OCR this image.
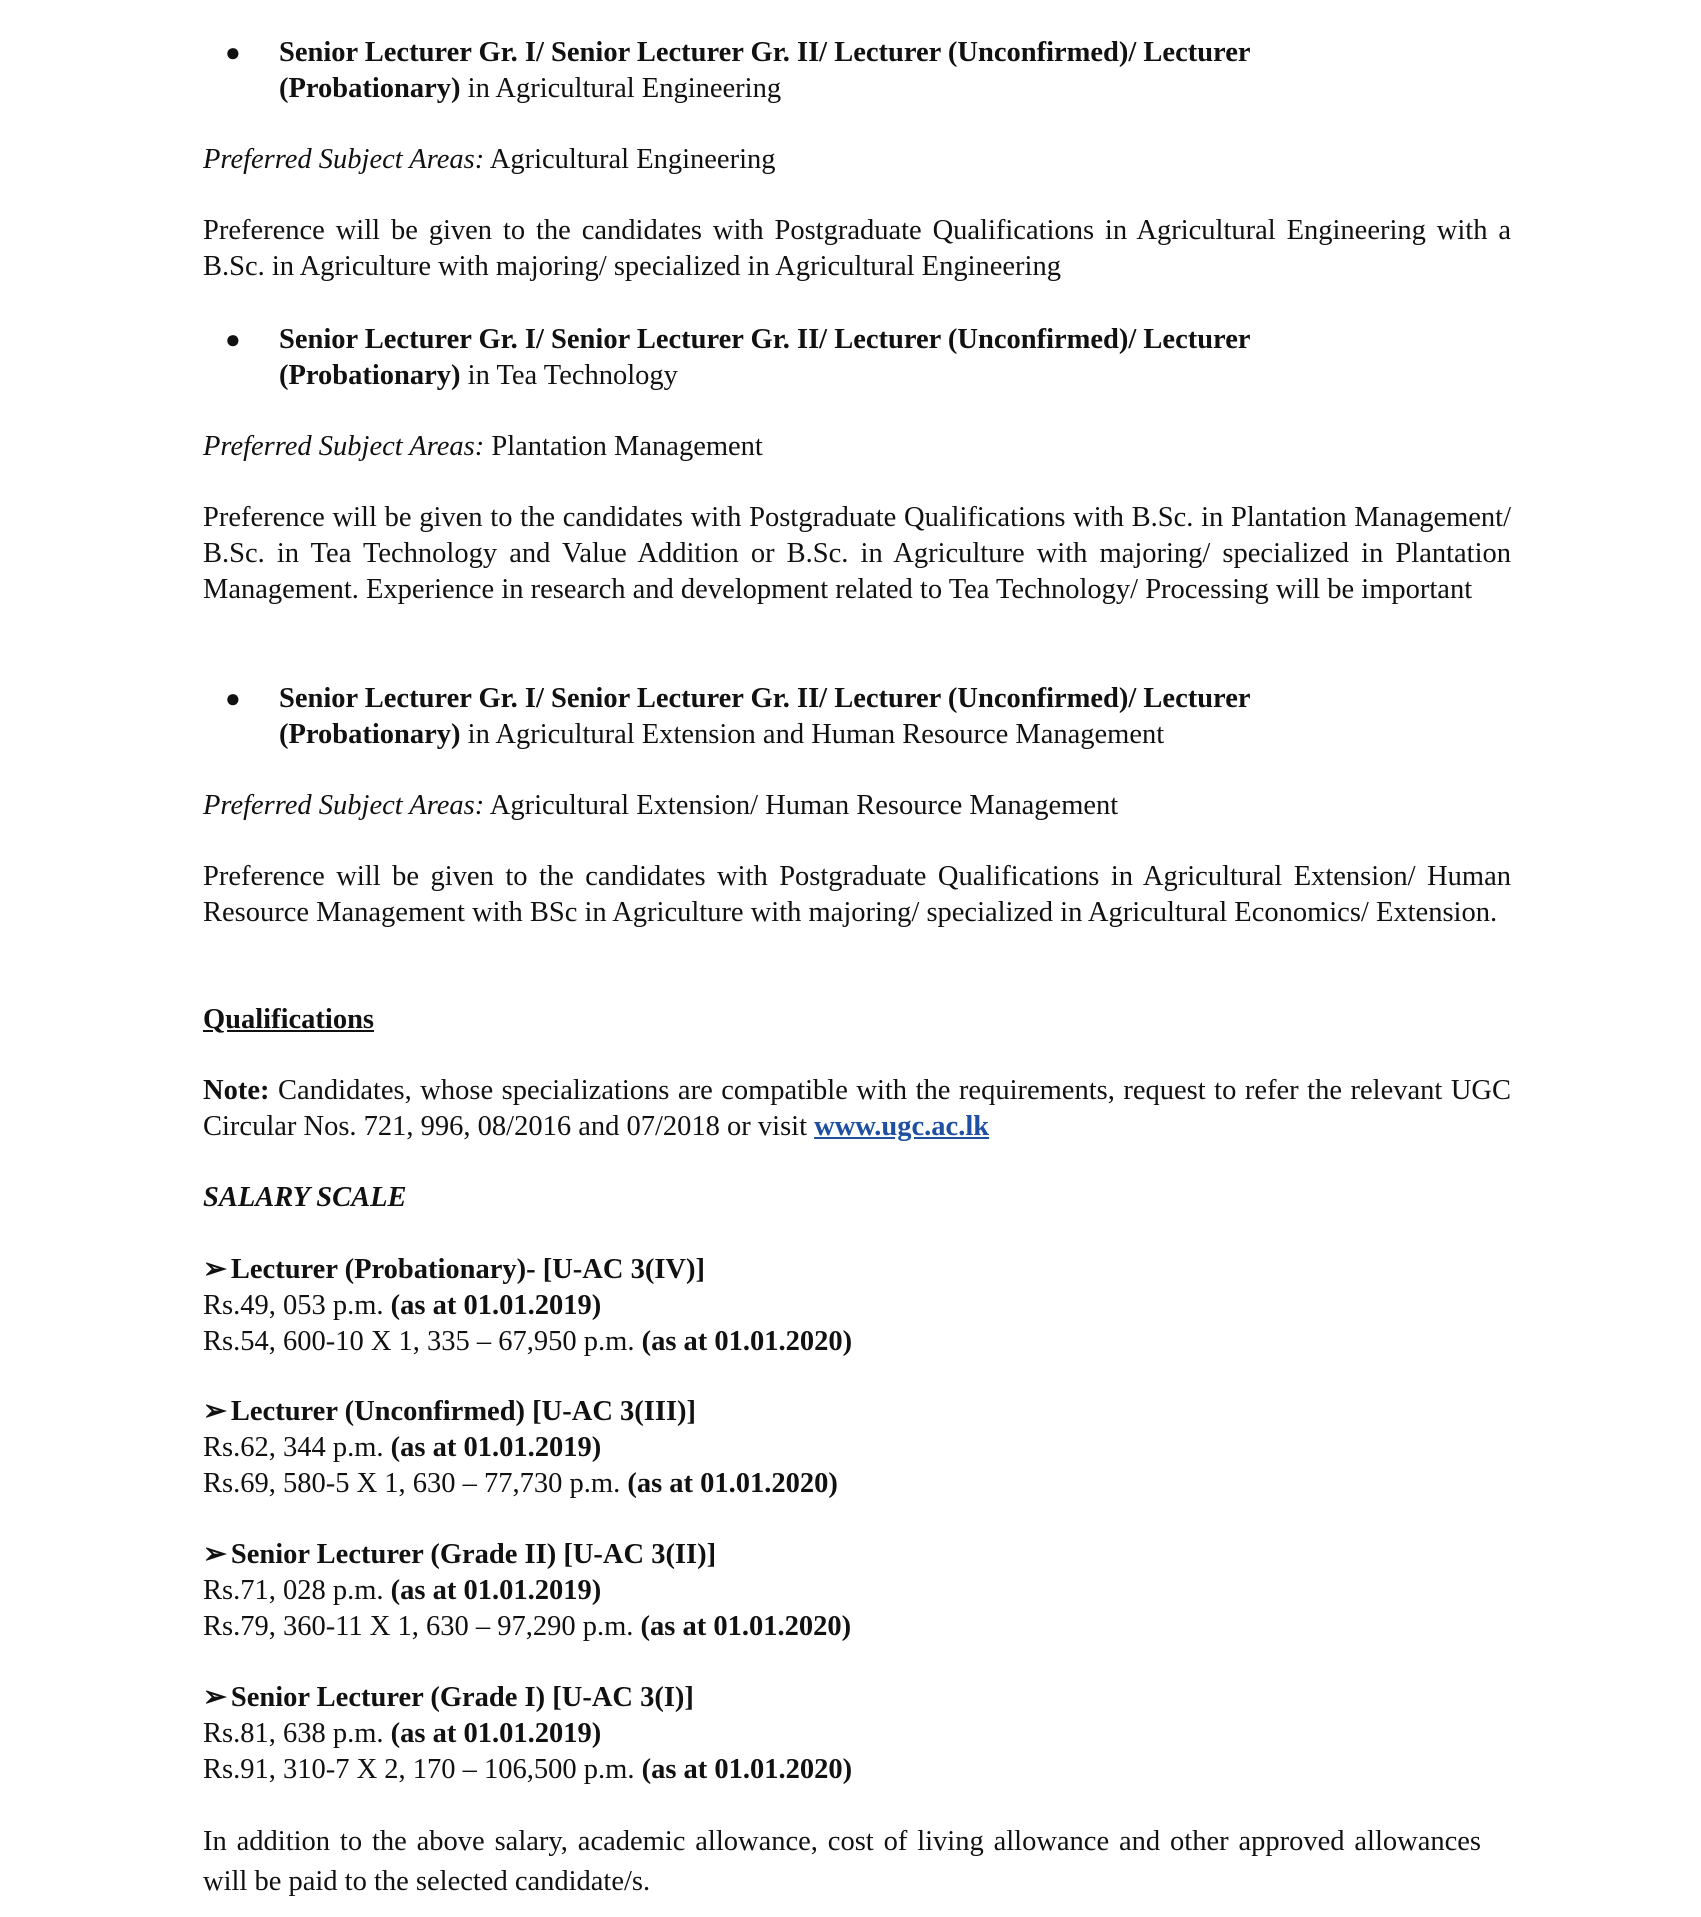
● Senior Lecturer Gr. I/ Senior Lecturer Gr. II/ Lecturer (Unconfirmed)/ Lecturer
(Probationary) in Agricultural Engineering

Preferred Subject Areas: Agricultural Engineering

Preference will be given to the candidates with Postgraduate Qualifications in Agricultural Engineering with a B.Sc. in Agriculture with majoring/ specialized in Agricultural Engineering

● Senior Lecturer Gr. I/ Senior Lecturer Gr. II/ Lecturer (Unconfirmed)/ Lecturer
(Probationary) in Tea Technology

Preferred Subject Areas: Plantation Management

Preference will be given to the candidates with Postgraduate Qualifications with B.Sc. in Plantation Management/ B.Sc. in Tea Technology and Value Addition or B.Sc. in Agriculture with majoring/ specialized in Plantation Management. Experience in research and development related to Tea Technology/ Processing will be important

● Senior Lecturer Gr. I/ Senior Lecturer Gr. II/ Lecturer (Unconfirmed)/ Lecturer
(Probationary) in Agricultural Extension and Human Resource Management

Preferred Subject Areas: Agricultural Extension/ Human Resource Management

Preference will be given to the candidates with Postgraduate Qualifications in Agricultural Extension/ Human Resource Management with BSc in Agriculture with majoring/ specialized in Agricultural Economics/ Extension.

Qualifications

Note: Candidates, whose specializations are compatible with the requirements, request to refer the relevant UGC Circular Nos. 721, 996, 08/2016 and 07/2018 or visit www.ugc.ac.lk

SALARY SCALE

➢ Lecturer (Probationary)- [U-AC 3(IV)]
Rs.49, 053 p.m. (as at 01.01.2019)
Rs.54, 600-10 X 1, 335 – 67,950 p.m. (as at 01.01.2020)
➢ Lecturer (Unconfirmed) [U-AC 3(III)]
Rs.62, 344 p.m. (as at 01.01.2019)
Rs.69, 580-5 X 1, 630 – 77,730 p.m. (as at 01.01.2020)
➢ Senior Lecturer (Grade II) [U-AC 3(II)]
Rs.71, 028 p.m. (as at 01.01.2019)
Rs.79, 360-11 X 1, 630 – 97,290 p.m. (as at 01.01.2020)
➢ Senior Lecturer (Grade I) [U-AC 3(I)]
Rs.81, 638 p.m. (as at 01.01.2019)
Rs.91, 310-7 X 2, 170 – 106,500 p.m. (as at 01.01.2020)

In addition to the above salary, academic allowance, cost of living allowance and other approved allowances will be paid to the selected candidate/s.
